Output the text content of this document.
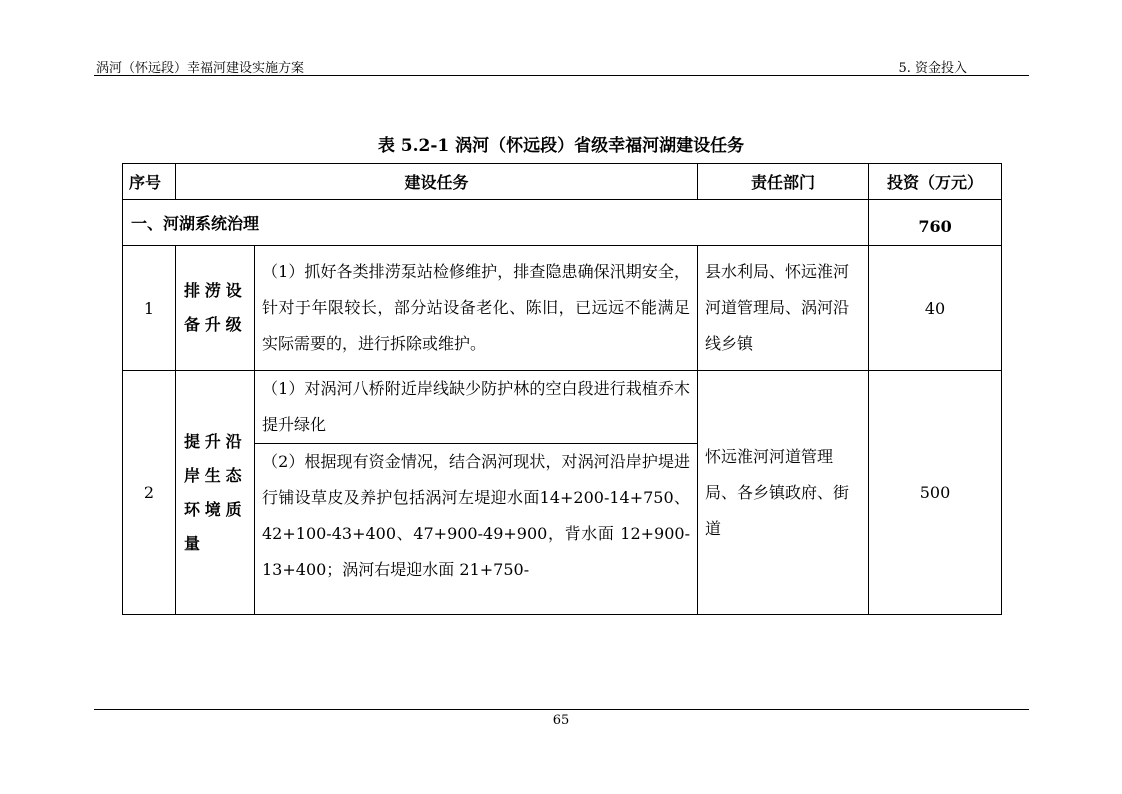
涡河（怀远段）幸福河建设实施方案	5. 资金投入
表 5.2-1 涡河（怀远段）省级幸福河湖建设任务
序号	建设任务		责任部门	投资（万元）
一、河湖系统治理				760
1	排涝设备升级	（1）抓好各类排涝泵站检修维护，排查隐患确保汛期安全，针对于年限较长，部分站设备老化、陈旧，已远远不能满足实际需要的，进行拆除或维护。	县水利局、怀远淮河河道管理局、涡河沿线乡镇	40
2	提升沿岸生态环境质量	（1）对涡河八桥附近岸线缺少防护林的空白段进行栽植乔木提升绿化	怀远淮河河道管理局、各乡镇政府、街道	500
		（2）根据现有资金情况，结合涡河现状，对涡河沿岸护堤进行铺设草皮及养护包括涡河左堤迎水面14+200-14+750、42+100-43+400、47+900-49+900，背水面 12+900-13+400；涡河右堤迎水面 21+750-		
65
